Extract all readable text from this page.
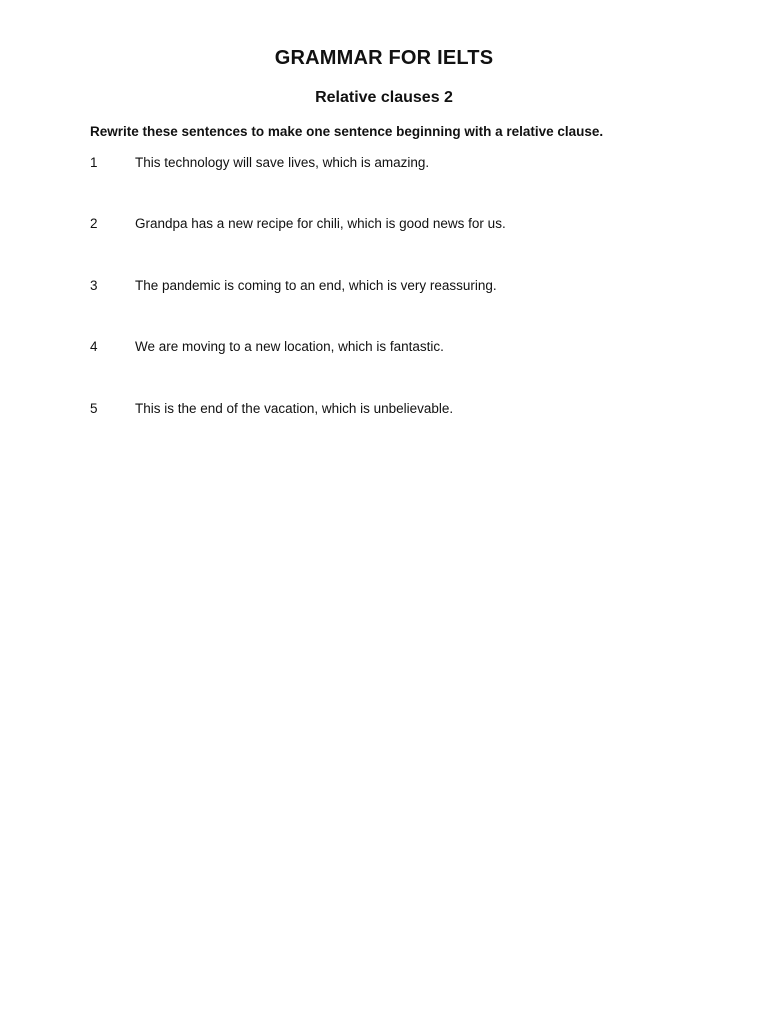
GRAMMAR FOR IELTS
Relative clauses 2
Rewrite these sentences to make one sentence beginning with a relative clause.
1	This technology will save lives, which is amazing.
2	Grandpa has a new recipe for chili, which is good news for us.
3	The pandemic is coming to an end, which is very reassuring.
4	We are moving to a new location, which is fantastic.
5	This is the end of the vacation, which is unbelievable.
